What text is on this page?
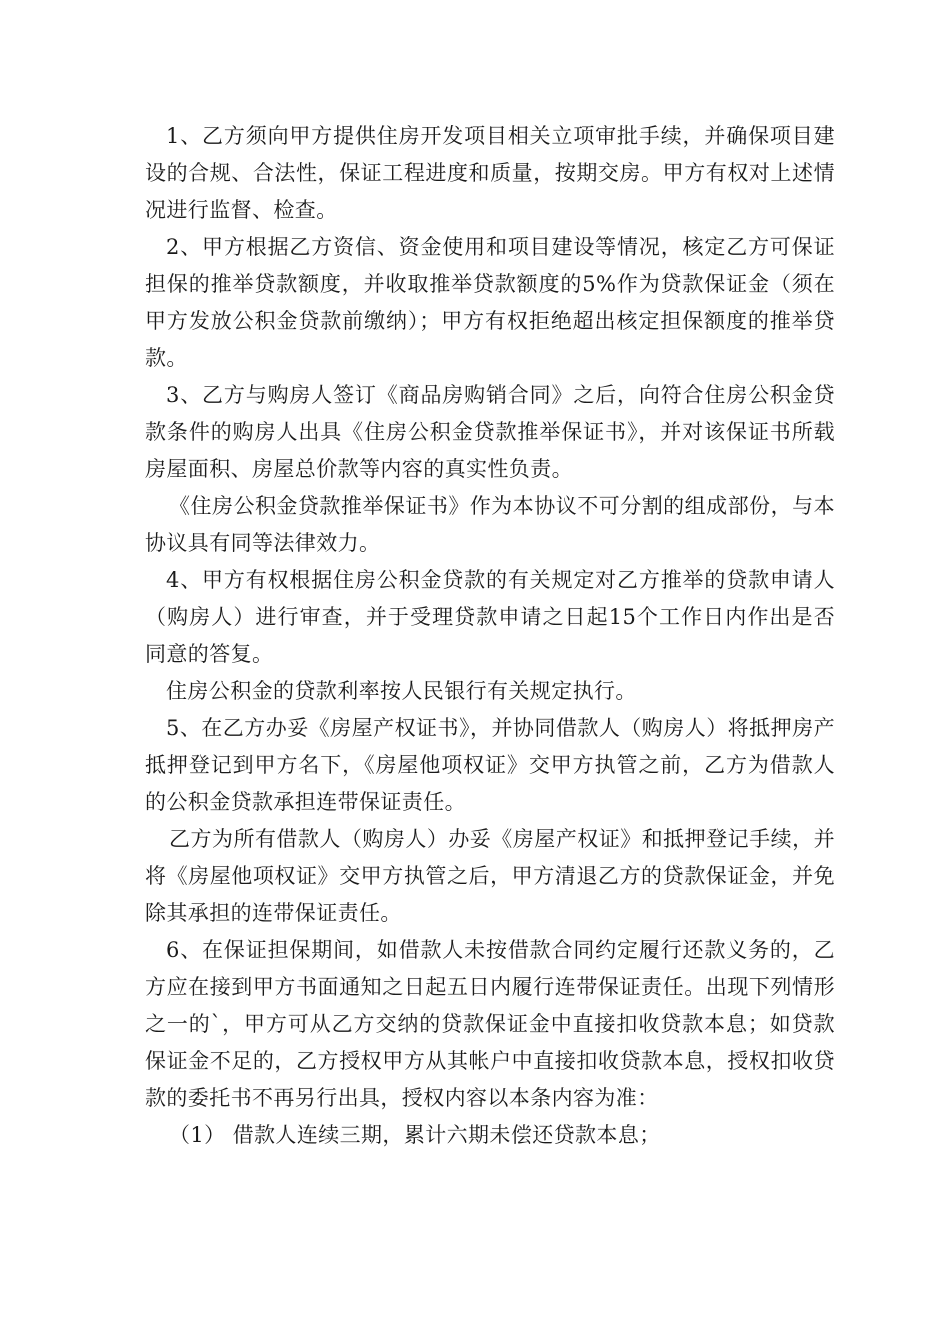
1、乙方须向甲方提供住房开发项目相关立项审批手续，并确保项目建设的合规、合法性，保证工程进度和质量，按期交房。甲方有权对上述情况进行监督、检查。

2、甲方根据乙方资信、资金使用和项目建设等情况，核定乙方可保证担保的推举贷款额度，并收取推举贷款额度的5%作为贷款保证金（须在甲方发放公积金贷款前缴纳）；甲方有权拒绝超出核定担保额度的推举贷款。

3、乙方与购房人签订《商品房购销合同》之后，向符合住房公积金贷款条件的购房人出具《住房公积金贷款推举保证书》，并对该保证书所载房屋面积、房屋总价款等内容的真实性负责。

《住房公积金贷款推举保证书》作为本协议不可分割的组成部份，与本协议具有同等法律效力。

4、甲方有权根据住房公积金贷款的有关规定对乙方推举的贷款申请人（购房人）进行审查，并于受理贷款申请之日起15个工作日内作出是否同意的答复。

住房公积金的贷款利率按人民银行有关规定执行。

5、在乙方办妥《房屋产权证书》，并协同借款人（购房人）将抵押房产抵押登记到甲方名下，《房屋他项权证》交甲方执管之前，乙方为借款人的公积金贷款承担连带保证责任。

乙方为所有借款人（购房人）办妥《房屋产权证》和抵押登记手续，并将《房屋他项权证》交甲方执管之后，甲方清退乙方的贷款保证金，并免除其承担的连带保证责任。

6、在保证担保期间，如借款人未按借款合同约定履行还款义务的，乙方应在接到甲方书面通知之日起五日内履行连带保证责任。出现下列情形之一的`，甲方可从乙方交纳的贷款保证金中直接扣收贷款本息；如贷款保证金不足的，乙方授权甲方从其帐户中直接扣收贷款本息，授权扣收贷款的委托书不再另行出具，授权内容以本条内容为准：

（1） 借款人连续三期，累计六期未偿还贷款本息；
